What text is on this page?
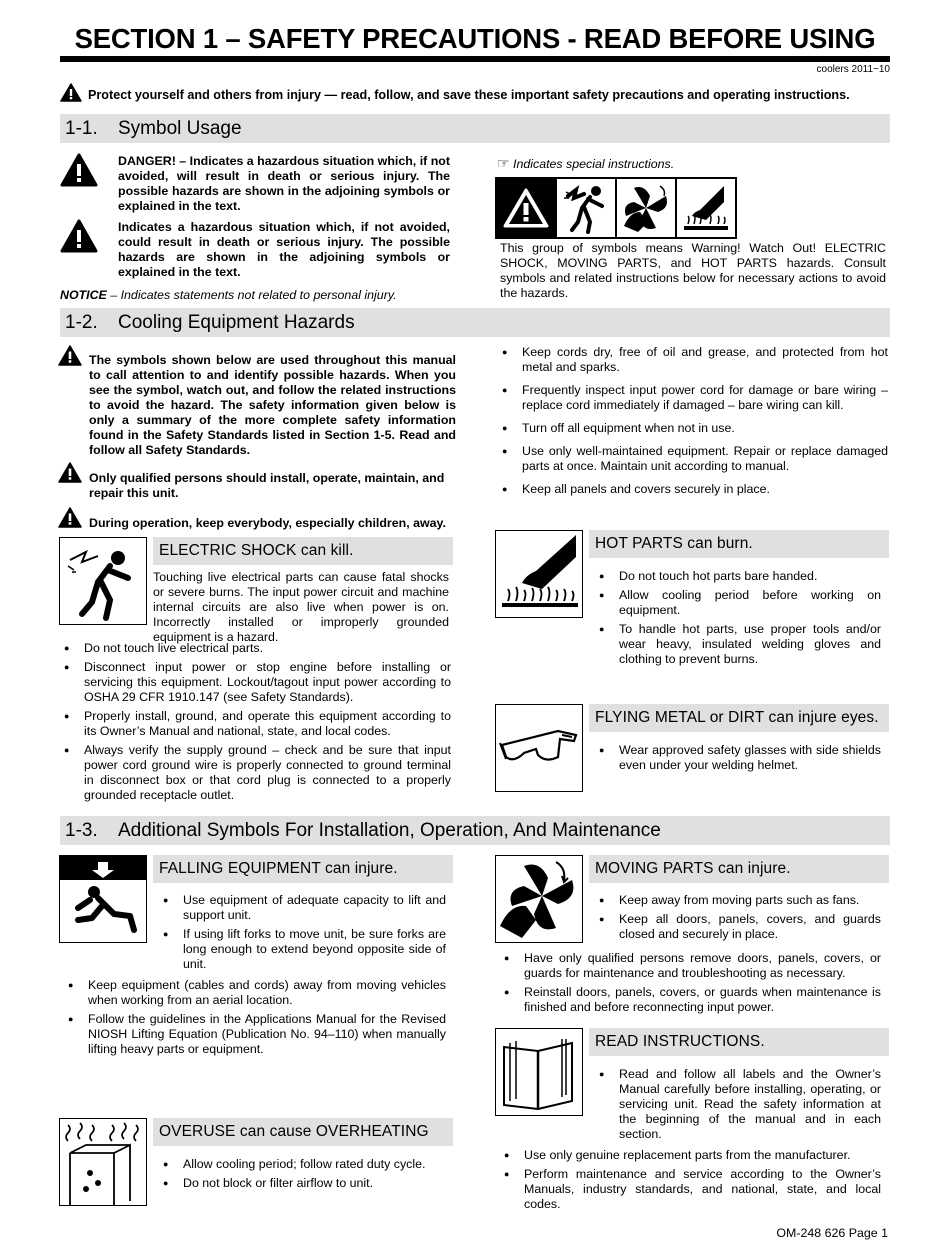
SECTION 1 – SAFETY PRECAUTIONS - READ BEFORE USING
coolers 2011−10
Protect yourself and others from injury — read, follow, and save these important safety precautions and operating instructions.
1-1. Symbol Usage
DANGER! – Indicates a hazardous situation which, if not avoided, will result in death or serious injury. The possible hazards are shown in the adjoining symbols or explained in the text.
Indicates a hazardous situation which, if not avoided, could result in death or serious injury. The possible hazards are shown in the adjoining symbols or explained in the text.
NOTICE – Indicates statements not related to personal injury.
☞ Indicates special instructions.
This group of symbols means Warning! Watch Out! ELECTRIC SHOCK, MOVING PARTS, and HOT PARTS hazards. Consult symbols and related instructions below for necessary actions to avoid the hazards.
1-2. Cooling Equipment Hazards
The symbols shown below are used throughout this manual to call attention to and identify possible hazards. When you see the symbol, watch out, and follow the related instructions to avoid the hazard. The safety information given below is only a summary of the more complete safety information found in the Safety Standards listed in Section 1-5. Read and follow all Safety Standards.
Only qualified persons should install, operate, maintain, and repair this unit.
During operation, keep everybody, especially children, away.
● Keep cords dry, free of oil and grease, and protected from hot metal and sparks.
● Frequently inspect input power cord for damage or bare wiring – replace cord immediately if damaged – bare wiring can kill.
● Turn off all equipment when not in use.
● Use only well-maintained equipment. Repair or replace damaged parts at once. Maintain unit according to manual.
● Keep all panels and covers securely in place.
ELECTRIC SHOCK can kill.
Touching live electrical parts can cause fatal shocks or severe burns. The input power circuit and machine internal circuits are also live when power is on. Incorrectly installed or improperly grounded equipment is a hazard.
● Do not touch live electrical parts.
● Disconnect input power or stop engine before installing or servicing this equipment. Lockout/tagout input power according to OSHA 29 CFR 1910.147 (see Safety Standards).
● Properly install, ground, and operate this equipment according to its Owner’s Manual and national, state, and local codes.
● Always verify the supply ground – check and be sure that input power cord ground wire is properly connected to ground terminal in disconnect box or that cord plug is connected to a properly grounded receptacle outlet.
HOT PARTS can burn.
● Do not touch hot parts bare handed.
● Allow cooling period before working on equipment.
● To handle hot parts, use proper tools and/or wear heavy, insulated welding gloves and clothing to prevent burns.
FLYING METAL or DIRT can injure eyes.
● Wear approved safety glasses with side shields even under your welding helmet.
1-3. Additional Symbols For Installation, Operation, And Maintenance
FALLING EQUIPMENT can injure.
● Use equipment of adequate capacity to lift and support unit.
● If using lift forks to move unit, be sure forks are long enough to extend beyond opposite side of unit.
● Keep equipment (cables and cords) away from moving vehicles when working from an aerial location.
● Follow the guidelines in the Applications Manual for the Revised NIOSH Lifting Equation (Publication No. 94–110) when manually lifting heavy parts or equipment.
OVERUSE can cause OVERHEATING
● Allow cooling period; follow rated duty cycle.
● Do not block or filter airflow to unit.
MOVING PARTS can injure.
● Keep away from moving parts such as fans.
● Keep all doors, panels, covers, and guards closed and securely in place.
● Have only qualified persons remove doors, panels, covers, or guards for maintenance and troubleshooting as necessary.
● Reinstall doors, panels, covers, or guards when maintenance is finished and before reconnecting input power.
READ INSTRUCTIONS.
● Read and follow all labels and the Owner’s Manual carefully before installing, operating, or servicing unit. Read the safety information at the beginning of the manual and in each section.
● Use only genuine replacement parts from the manufacturer.
● Perform maintenance and service according to the Owner’s Manuals, industry standards, and national, state, and local codes.
OM-248 626 Page 1
